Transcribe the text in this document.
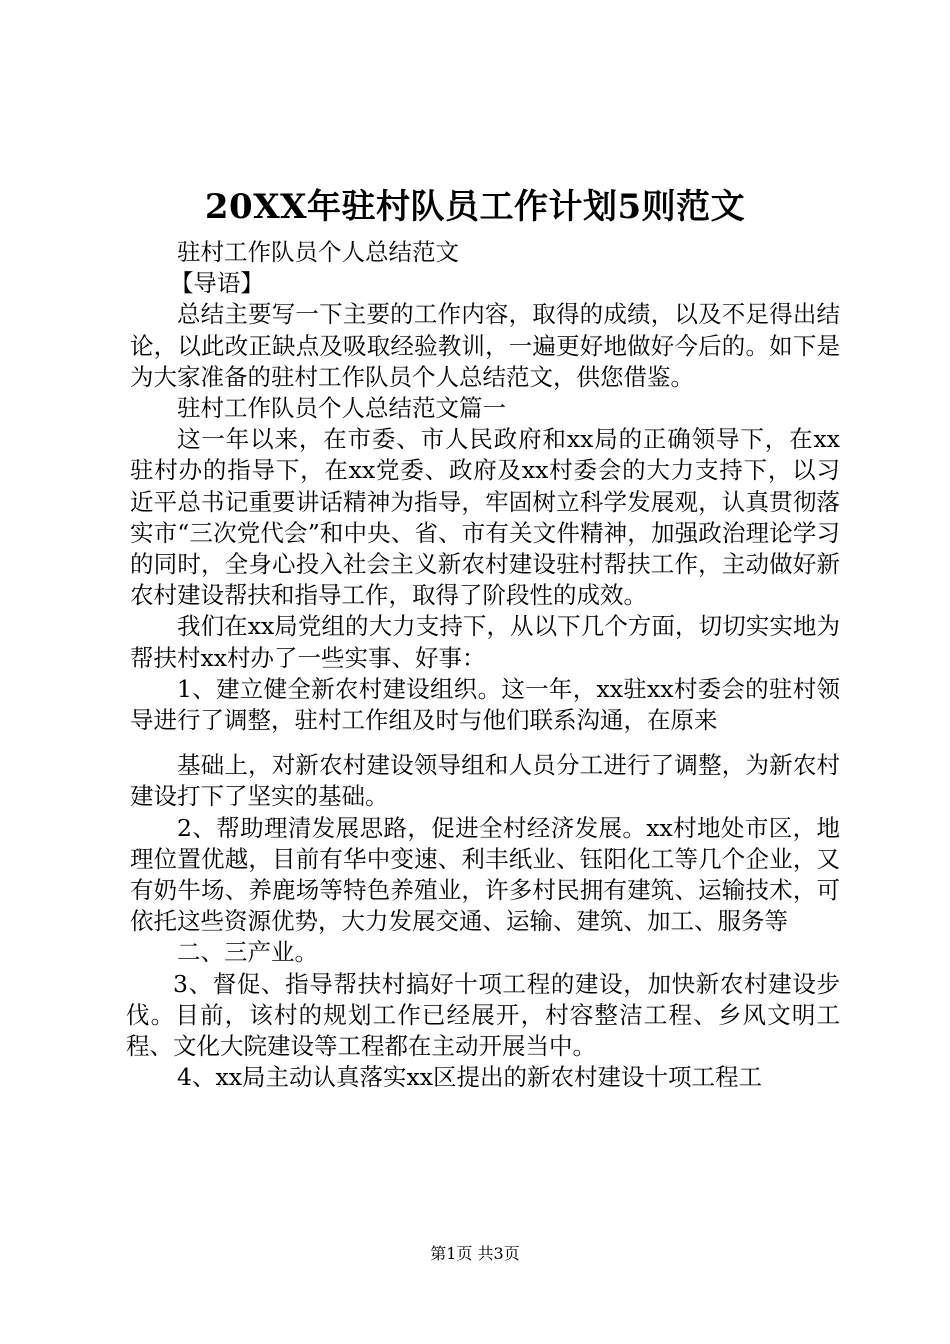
20XX年驻村队员工作计划5则范文

驻村工作队员个人总结范文

【导语】

总结主要写一下主要的工作内容，取得的成绩，以及不足得出结论，以此改正缺点及吸取经验教训，一遍更好地做好今后的。如下是为大家准备的驻村工作队员个人总结范文，供您借鉴。

驻村工作队员个人总结范文篇一

这一年以来，在市委、市人民政府和xx局的正确领导下，在xx驻村办的指导下，在xx党委、政府及xx村委会的大力支持下，以习近平总书记重要讲话精神为指导，牢固树立科学发展观，认真贯彻落实市“三次党代会”和中央、省、市有关文件精神，加强政治理论学习的同时，全身心投入社会主义新农村建设驻村帮扶工作，主动做好新农村建设帮扶和指导工作，取得了阶段性的成效。

我们在xx局党组的大力支持下，从以下几个方面，切切实实地为帮扶村xx村办了一些实事、好事：

1、建立健全新农村建设组织。这一年，xx驻xx村委会的驻村领导进行了调整，驻村工作组及时与他们联系沟通，在原来

基础上，对新农村建设领导组和人员分工进行了调整，为新农村建设打下了坚实的基础。

2、帮助理清发展思路，促进全村经济发展。xx村地处市区，地理位置优越，目前有华中变速、利丰纸业、钰阳化工等几个企业，又有奶牛场、养鹿场等特色养殖业，许多村民拥有建筑、运输技术，可依托这些资源优势，大力发展交通、运输、建筑、加工、服务等

二、三产业。

3、督促、指导帮扶村搞好十项工程的建设，加快新农村建设步伐。目前，该村的规划工作已经展开，村容整洁工程、乡风文明工程、文化大院建设等工程都在主动开展当中。

4、xx局主动认真落实xx区提出的新农村建设十项工程工

第1页 共3页
